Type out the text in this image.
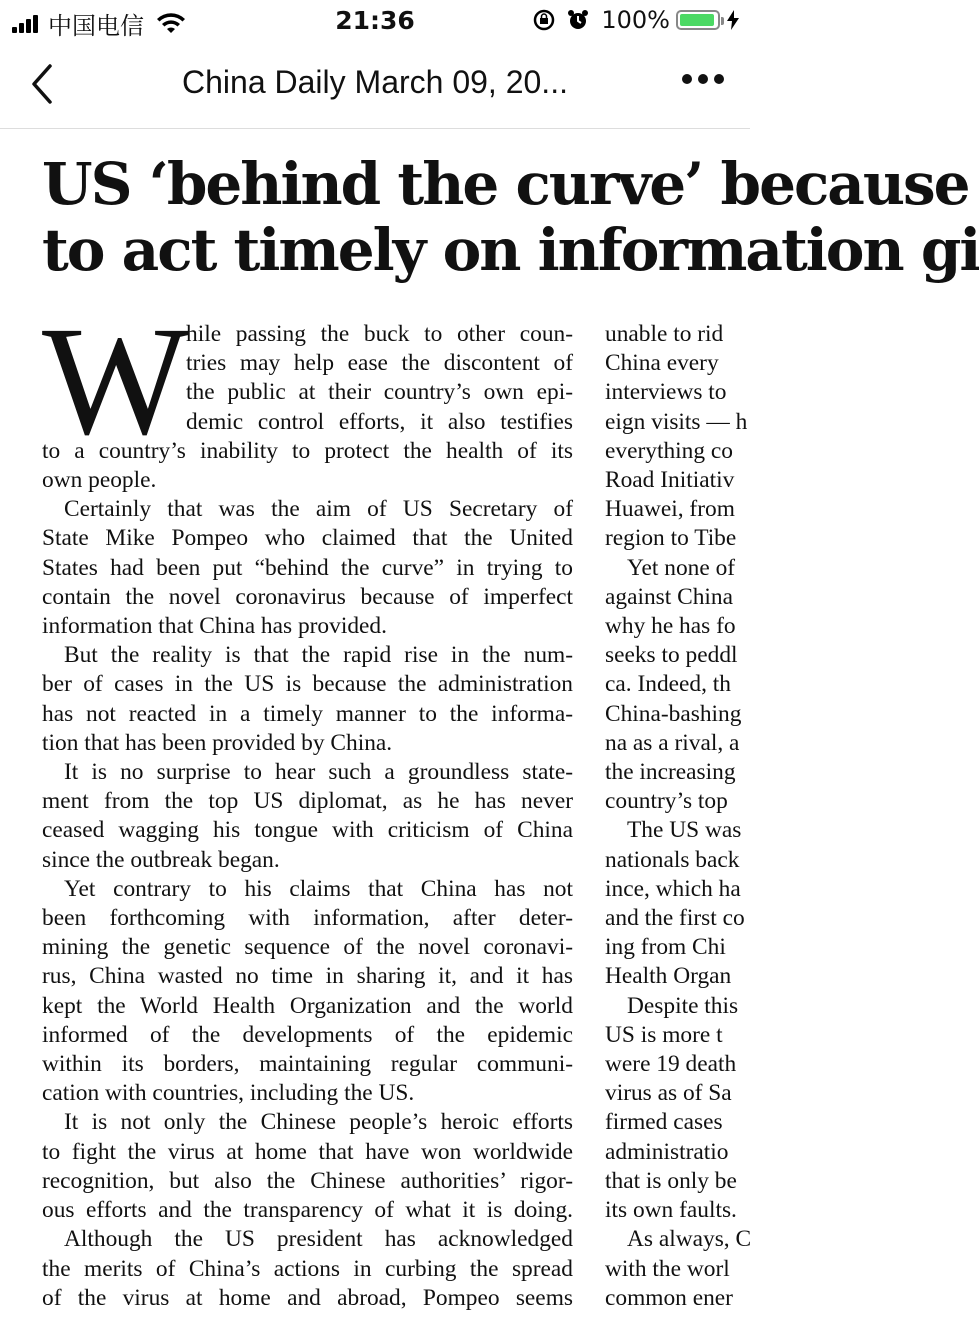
中国电信	21:36	100%
China Daily March 09, 20...
US ‘behind the curve’ because
to act timely on information gi
W
hile passing the buck to other coun-
tries may help ease the discontent of
the public at their country’s own epi-
demic control efforts, it also testifies
to a country’s inability to protect the health of its
own people.
Certainly that was the aim of US Secretary of
State Mike Pompeo who claimed that the United
States had been put “behind the curve” in trying to
contain the novel coronavirus because of imperfect
information that China has provided.
But the reality is that the rapid rise in the num-
ber of cases in the US is because the administration
has not reacted in a timely manner to the informa-
tion that has been provided by China.
It is no surprise to hear such a groundless state-
ment from the top US diplomat, as he has never
ceased wagging his tongue with criticism of China
since the outbreak began.
Yet contrary to his claims that China has not
been forthcoming with information, after deter-
mining the genetic sequence of the novel coronavi-
rus, China wasted no time in sharing it, and it has
kept the World Health Organization and the world
informed of the developments of the epidemic
within its borders, maintaining regular communi-
cation with countries, including the US.
It is not only the Chinese people’s heroic efforts
to fight the virus at home that have won worldwide
recognition, but also the Chinese authorities’ rigor-
ous efforts and the transparency of what it is doing.
Although the US president has acknowledged
the merits of China’s actions in curbing the spread
of the virus at home and abroad, Pompeo seems
unable to rid
China every
interviews to
eign visits — h
everything co
Road Initiativ
Huawei, from
region to Tibe
Yet none of
against China
why he has fo
seeks to peddl
ca. Indeed, th
China-bashing
na as a rival, a
the increasing
country’s top
The US was
nationals back
ince, which ha
and the first co
ing from Chi
Health Organ
Despite this
US is more t
were 19 death
virus as of Sa
firmed cases
administratio
that is only be
its own faults.
As always, C
with the worl
common ener
